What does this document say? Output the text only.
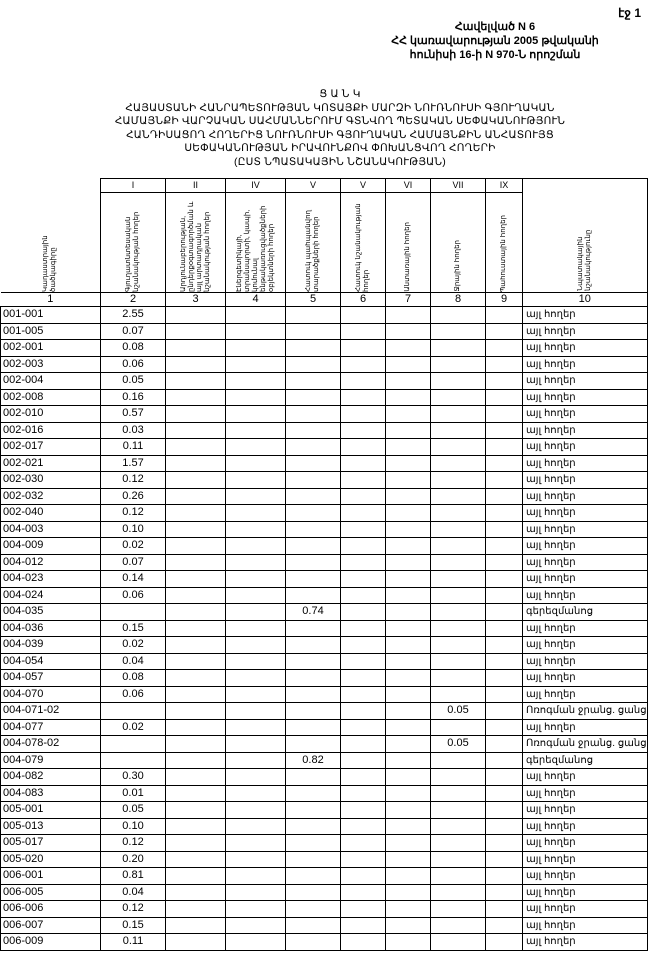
էջ 1
Հավելված N 6
ՀՀ կառավարության 2005 թվականի
հունիսի 16-ի N 970-Ն որոշման
Ց Ա Ն Կ
ՀԱՅԱՍՏԱՆԻ ՀԱՆՐԱՊԵՏՈՒԹՅԱՆ ԿՈՏԱՅՔԻ ՄԱՐԶԻ ՆՈՒՌՆՈՒՍԻ ԳՅՈՒՂԱԿԱՆ
ՀԱՄԱՅՆՔԻ ՎԱՐՉԱԿԱՆ ՍԱՀՄԱՆՆԵՐՈՒՄ ԳՏՆՎՈՂ ՊԵՏԱԿԱՆ ՍԵՓԱԿԱՆՈՒԹՅՈՒՆ
ՀԱՆԴԻՍԱՑՈՂ ՀՈՂԵՐԻՑ ՆՈՒՌՆՈՒՍԻ ԳՅՈՒՂԱԿԱՆ ՀԱՄԱՅՆՔԻՆ ԱՆՀԱՏՈՒՅՑ
ՍԵՓԱԿԱՆՈՒԹՅԱՆ ԻՐԱՎՈՒՆՔՈՎ ՓՈԽԱՆՑՎՈՂ ՀՈՂԵՐԻ
(ԸՍՏ ՆՊԱՏԱԿԱՅԻՆ ՆՇԱՆԱԿՈՒԹՅԱՆ)
	I	II	IV	V	V	VI	VII	IX	

Կադաստրային ծածկագիրը	Գյուղատնտեսական նշանակության հողեր	Արդյունաբերության, ընդերքօգտագործման և այլ արտադրական նշանակության հողեր	Էներգետիկայի, տրանսպորտի, կապի, կոմունալ ենթակառուցվածքների օբյեկտների հողեր	Հատուկ պահպանվող տարածքների հողեր	Հատուկ նշանակության հողեր	Անտառային հողեր	Ջրային հողեր	Պահուստային հողեր	Նպատակային նշանակությունը

1	2	3	4	5	6	7	8	9	10
001-001	2.55								այլ հողեր
001-005	0.07								այլ հողեր
002-001	0.08								այլ հողեր
002-003	0.06								այլ հողեր
002-004	0.05								այլ հողեր
002-008	0.16								այլ հողեր
002-010	0.57								այլ հողեր
002-016	0.03								այլ հողեր
002-017	0.11								այլ հողեր
002-021	1.57								այլ հողեր
002-030	0.12								այլ հողեր
002-032	0.26								այլ հողեր
002-040	0.12								այլ հողեր
004-003	0.10								այլ հողեր
004-009	0.02								այլ հողեր
004-012	0.07								այլ հողեր
004-023	0.14								այլ հողեր
004-024	0.06								այլ հողեր
004-035				0.74					գերեզմանոց
004-036	0.15								այլ հողեր
004-039	0.02								այլ հողեր
004-054	0.04								այլ հողեր
004-057	0.08								այլ հողեր
004-070	0.06								այլ հողեր
004-071-02							0.05		Ոռոգման ջրանց. ցանց
004-077	0.02								այլ հողեր
004-078-02							0.05		Ոռոգման ջրանց. ցանց
004-079				0.82					գերեզմանոց
004-082	0.30								այլ հողեր
004-083	0.01								այլ հողեր
005-001	0.05								այլ հողեր
005-013	0.10								այլ հողեր
005-017	0.12								այլ հողեր
005-020	0.20								այլ հողեր
006-001	0.81								այլ հողեր
006-005	0.04								այլ հողեր
006-006	0.12								այլ հողեր
006-007	0.15								այլ հողեր
006-009	0.11								այլ հողեր
